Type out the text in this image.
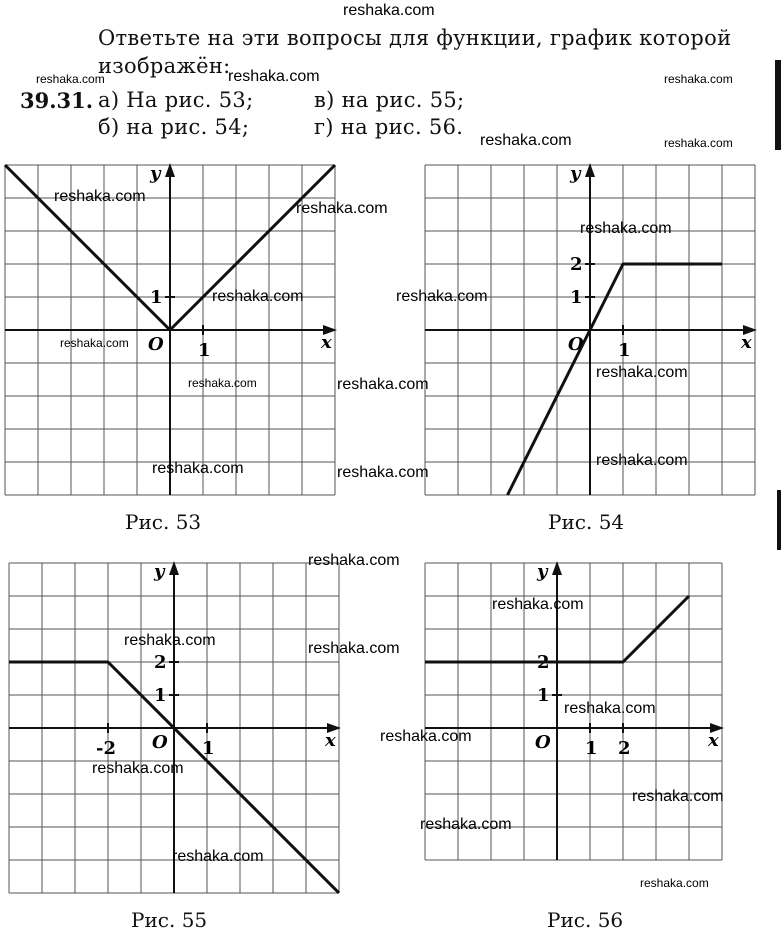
reshaka.com
Ответьте на эти вопросы для функции, график которой
изображён:
reshaka.com	reshaka.com	reshaka.com
39.31. а) На рис. 53;	в) на рис. 55;
б) на рис. 54;	г) на рис. 56.
reshaka.com	reshaka.com
x
y
O 1
1
Рис. 53
x
y
O 1
1
2
Рис. 54
x
y
O
-2	1
1
2
Рис. 55
x
y
O 1 2
1
2
Рис. 56
reshaka.com
reshaka.com
reshaka.com
reshaka.com
reshaka.com
reshaka.com
reshaka.com
reshaka.com
reshaka.com
reshaka.com
reshaka.com
reshaka.com
reshaka.com
reshaka.com
reshaka.com	reshaka.com
reshaka.com
reshaka.com
reshaka.com
reshaka.com
reshaka.com
reshaka.com
reshaka.com
